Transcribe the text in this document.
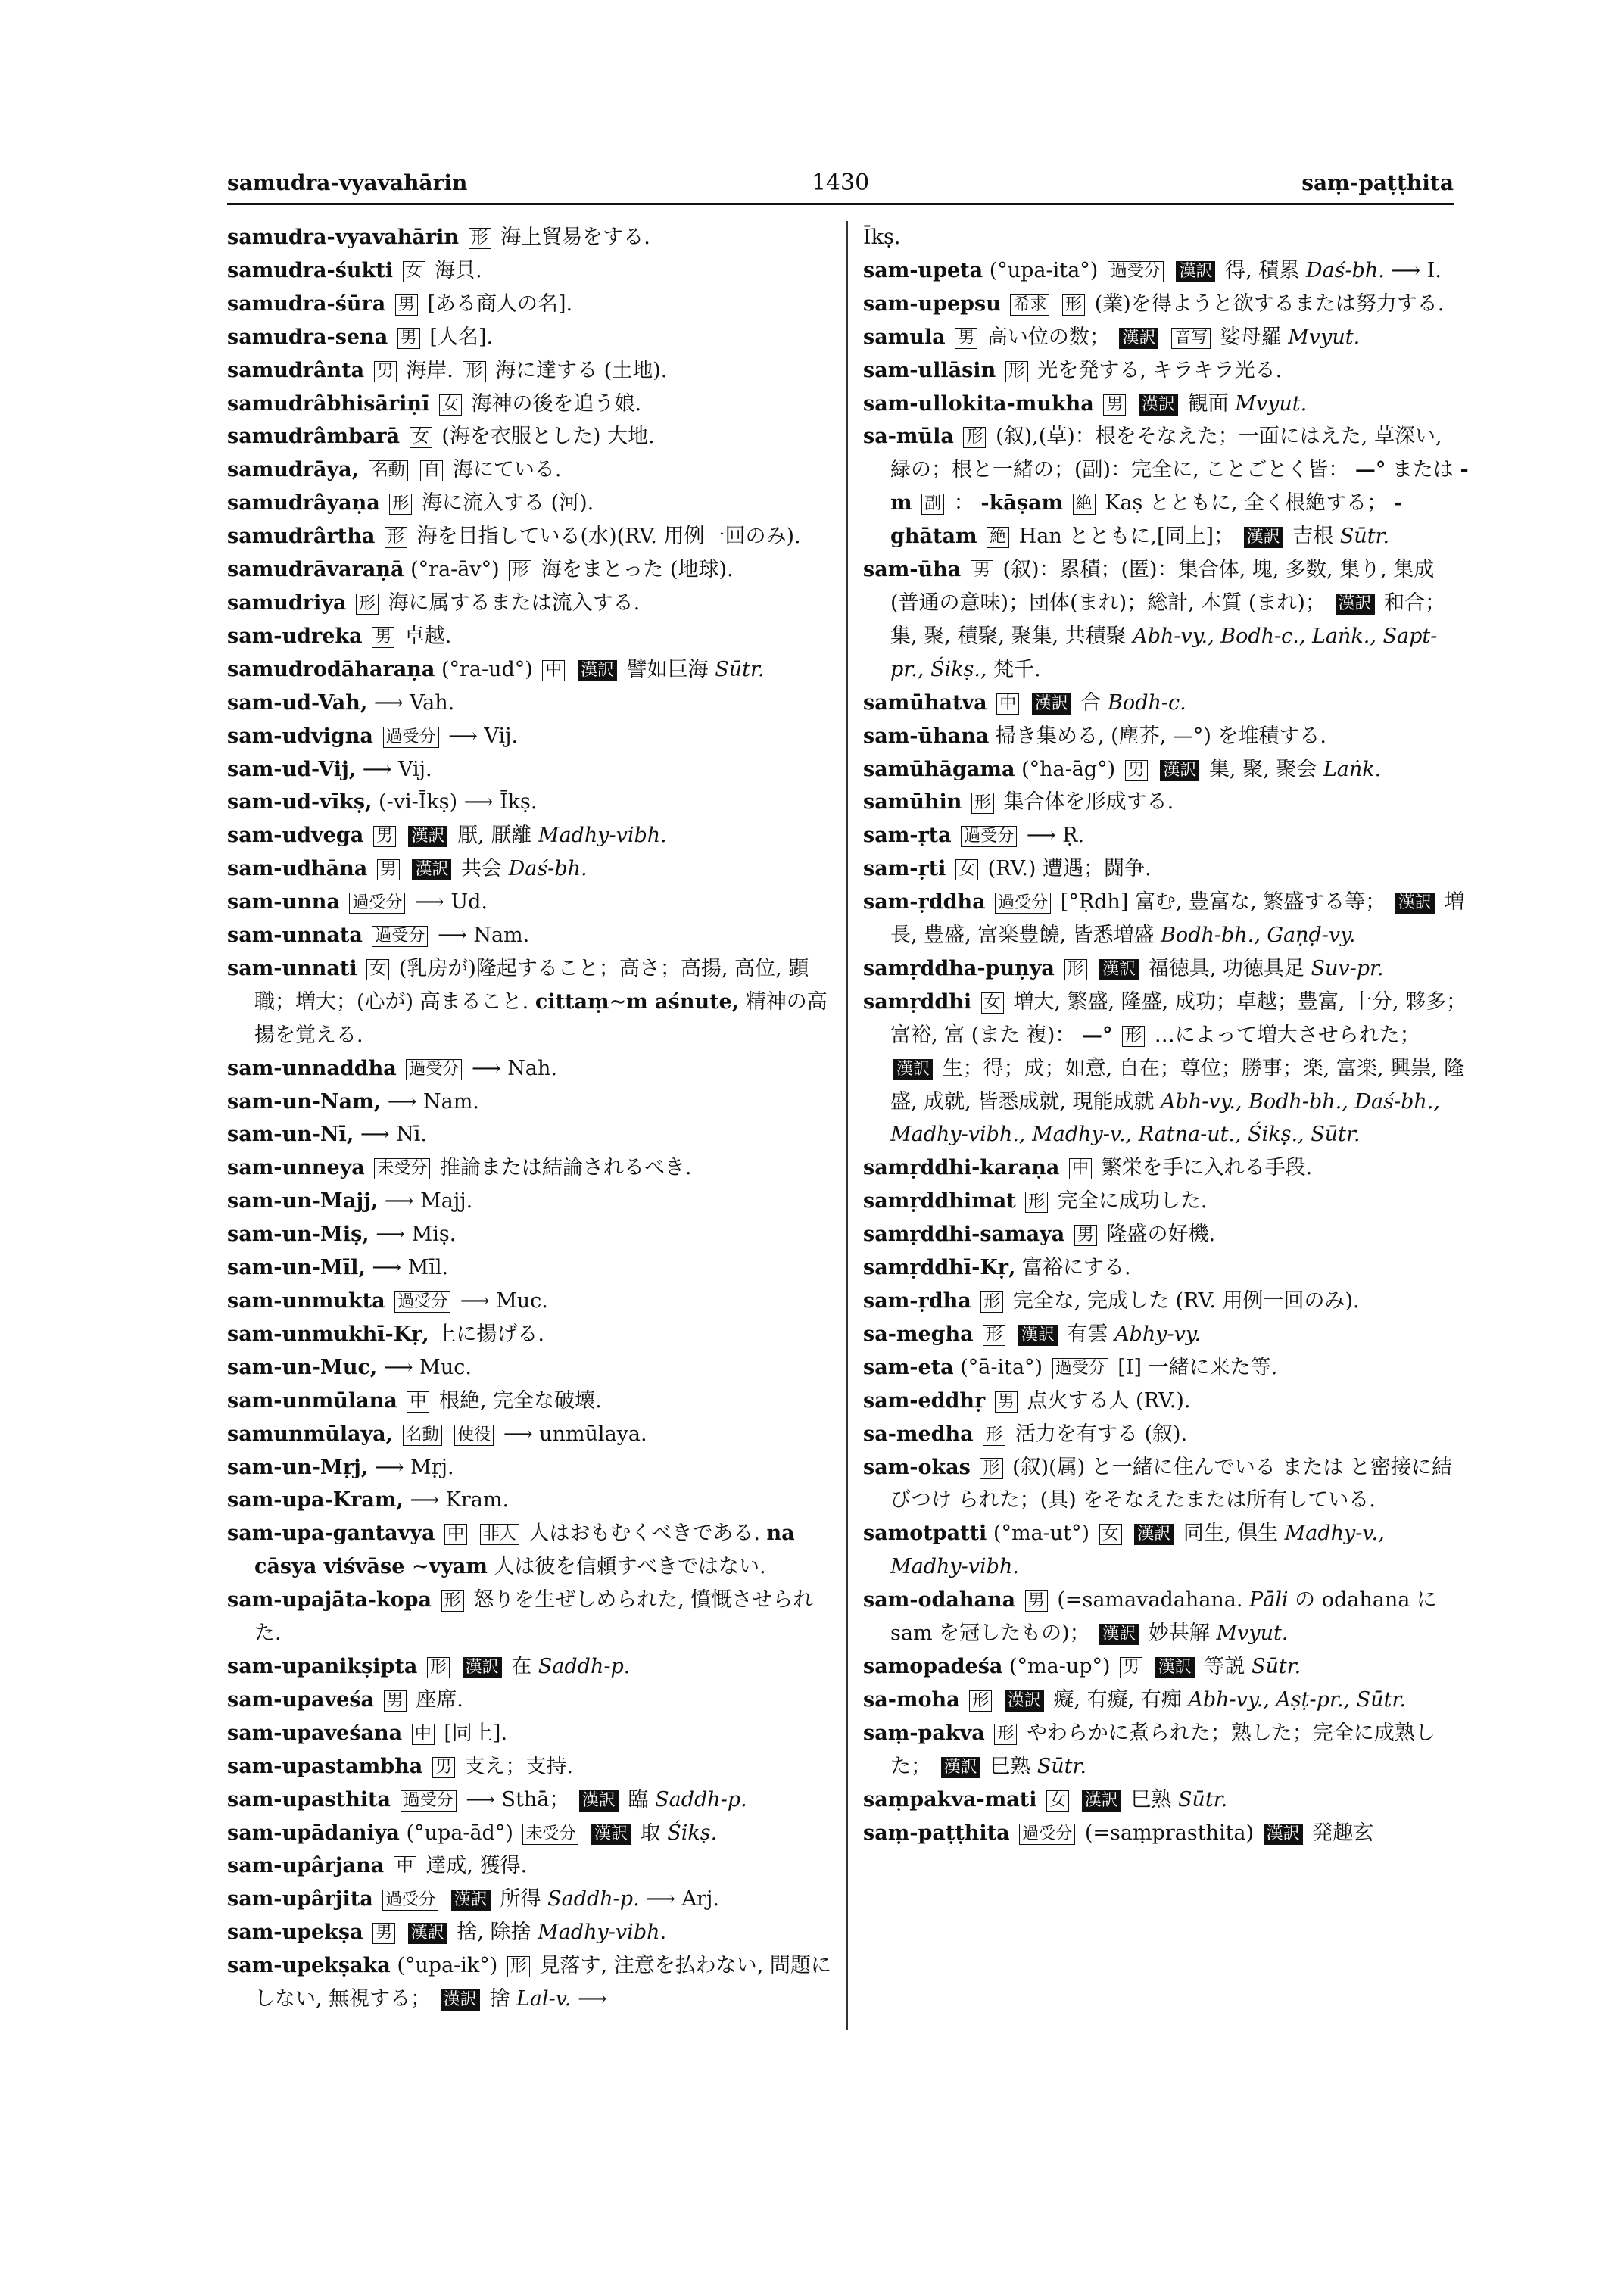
samudra-vyavahārin	1430	saṃ-paṭṭhita

samudra-vyavahārin 形 海上貿易をする.

samudra-śukti 女 海貝.

samudra-śūra 男 [ある商人の名].

samudra-sena 男 [人名].

samudrânta 男 海岸. 形 海に達する (土地).

samudrâbhisāriṇī 女 海神の後を追う娘.

samudrâmbarā 女 (海を衣服とした) 大地.

samudrāya, 名動 自 海にている.

samudrâyaṇa 形 海に流入する (河).

samudrârtha 形 海を目指している(水)(RV. 用例一回のみ).

samudrāvaraṇā (°ra-āv°) 形 海をまとった (地球).

samudriya 形 海に属するまたは流入する.

sam-udreka 男 卓越.

samudrodāharaṇa (°ra-ud°) 中 漢訳 譬如巨海 Sūtr.

sam-ud-Vah, ⟶ Vah.

sam-udvigna 過受分 ⟶ Vij.

sam-ud-Vij, ⟶ Vij.

sam-ud-vīkṣ, (-vi-Īkṣ) ⟶ Īkṣ.

sam-udvega 男 漢訳 厭, 厭離 Madhy-vibh.

sam-udhāna 男 漢訳 共会 Daś-bh.

sam-unna 過受分 ⟶ Ud.

sam-unnata 過受分 ⟶ Nam.

sam-unnati 女 (乳房が)隆起すること；高さ；高揚, 高位, 顕職；増大；(心が) 高まること. cittaṃ∼m aśnute, 精神の高揚を覚える.

sam-unnaddha 過受分 ⟶ Nah.

sam-un-Nam, ⟶ Nam.

sam-un-Nī, ⟶ Nī.

sam-unneya 未受分 推論または結論されるべき.

sam-un-Majj, ⟶ Majj.

sam-un-Miṣ, ⟶ Miṣ.

sam-un-Mīl, ⟶ Mīl.

sam-unmukta 過受分 ⟶ Muc.

sam-unmukhī-Kṛ, 上に揚げる.

sam-un-Muc, ⟶ Muc.

sam-unmūlana 中 根絶, 完全な破壊.

samunmūlaya, 名動 使役 ⟶ unmūlaya.

sam-un-Mṛj, ⟶ Mṛj.

sam-upa-Kram, ⟶ Kram.

sam-upa-gantavya 中 非人 人はおもむくべきである. na cāsya viśvāse ∼vyam 人は彼を信頼すべきではない.

sam-upajāta-kopa 形 怒りを生ぜしめられた, 憤慨させられた.

sam-upanikṣipta 形 漢訳 在 Saddh-p.

sam-upaveśa 男 座席.

sam-upaveśana 中 [同上].

sam-upastambha 男 支え；支持.

sam-upasthita 過受分 ⟶ Sthā； 漢訳 臨 Saddh-p.

sam-upādaniya (°upa-ād°) 未受分 漢訳 取 Śikṣ.

sam-upârjana 中 達成, 獲得.

sam-upârjita 過受分 漢訳 所得 Saddh-p. ⟶ Arj.

sam-upekṣa 男 漢訳 捨, 除捨 Madhy-vibh.

sam-upekṣaka (°upa-ik°) 形 見落す, 注意を払わない, 問題にしない, 無視する； 漢訳 捨 Lal-v. ⟶

Īkṣ.

sam-upeta (°upa-ita°) 過受分 漢訳 得, 積累 Daś-bh. ⟶ I.

sam-upepsu 希求 形 (業)を得ようと欲するまたは努力する.

samula 男 高い位の数； 漢訳 音写 娑母羅 Mvyut.

sam-ullāsin 形 光を発する, キラキラ光る.

sam-ullokita-mukha 男 漢訳 観面 Mvyut.

sa-mūla 形 (叙),(草)：根をそなえた；一面にはえた, 草深い, 緑の；根と一緒の；(副)：完全に, ことごとく皆： —° または -m 副 ： -kāṣam 絶 Kaṣ とともに, 全く根絶する； -ghātam 絶 Han とともに,[同上]； 漢訳 吉根 Sūtr.

sam-ūha 男 (叙)：累積；(匿)：集合体, 塊, 多数, 集り, 集成 (普通の意味)；団体(まれ)；総計, 本質 (まれ)； 漢訳 和合；集, 聚, 積聚, 聚集, 共積聚 Abh-vy., Bodh-c., Laṅk., Sapt-pr., Śikṣ., 梵千.

samūhatva 中 漢訳 合 Bodh-c.

sam-ūhana 掃き集める, (塵芥, —°) を堆積する.

samūhāgama (°ha-āg°) 男 漢訳 集, 聚, 聚会 Laṅk.

samūhin 形 集合体を形成する.

sam-ṛta 過受分 ⟶ Ṛ.

sam-ṛti 女 (RV.) 遭遇；闘争.

sam-ṛddha 過受分 [°Ṛdh] 富む, 豊富な, 繁盛する等； 漢訳 増長, 豊盛, 富楽豊饒, 皆悉増盛 Bodh-bh., Gaṇḍ-vy.

samṛddha-puṇya 形 漢訳 福徳具, 功徳具足 Suv-pr.

samṛddhi 女 増大, 繁盛, 隆盛, 成功；卓越；豊富, 十分, 夥多；富裕, 富 (また 複)： —° 形 …によって増大させられた； 漢訳 生；得；成；如意, 自在；尊位；勝事；楽, 富楽, 興祟, 隆盛, 成就, 皆悉成就, 現能成就 Abh-vy., Bodh-bh., Daś-bh., Madhy-vibh., Madhy-v., Ratna-ut., Śikṣ., Sūtr.

samṛddhi-karaṇa 中 繁栄を手に入れる手段.

samṛddhimat 形 完全に成功した.

samṛddhi-samaya 男 隆盛の好機.

samṛddhī-Kṛ, 富裕にする.

sam-ṛdha 形 完全な, 完成した (RV. 用例一回のみ).

sa-megha 形 漢訳 有雲 Abhy-vy.

sam-eta (°ā-ita°) 過受分 [I] 一緒に来た等.

sam-eddhṛ 男 点火する人 (RV.).

sa-medha 形 活力を有する (叙).

sam-okas 形 (叙)(属) と一緒に住んでいる または と密接に結びつけ られた；(具) をそなえたまたは所有している.

samotpatti (°ma-ut°) 女 漢訳 同生, 倶生 Madhy-v., Madhy-vibh.

sam-odahana 男 (=samavadahana. Pāli の odahana に sam を冠したもの)； 漢訳 妙甚解 Mvyut.

samopadeśa (°ma-up°) 男 漢訳 等説 Sūtr.

sa-moha 形 漢訳 癡, 有癡, 有痴 Abh-vy., Aṣṭ-pr., Sūtr.

saṃ-pakva 形 やわらかに煮られた；熟した；完全に成熟した； 漢訳 巳熟 Sūtr.

saṃpakva-mati 女 漢訳 巳熟 Sūtr.

saṃ-paṭṭhita 過受分 (=saṃprasthita) 漢訳 発趣玄
